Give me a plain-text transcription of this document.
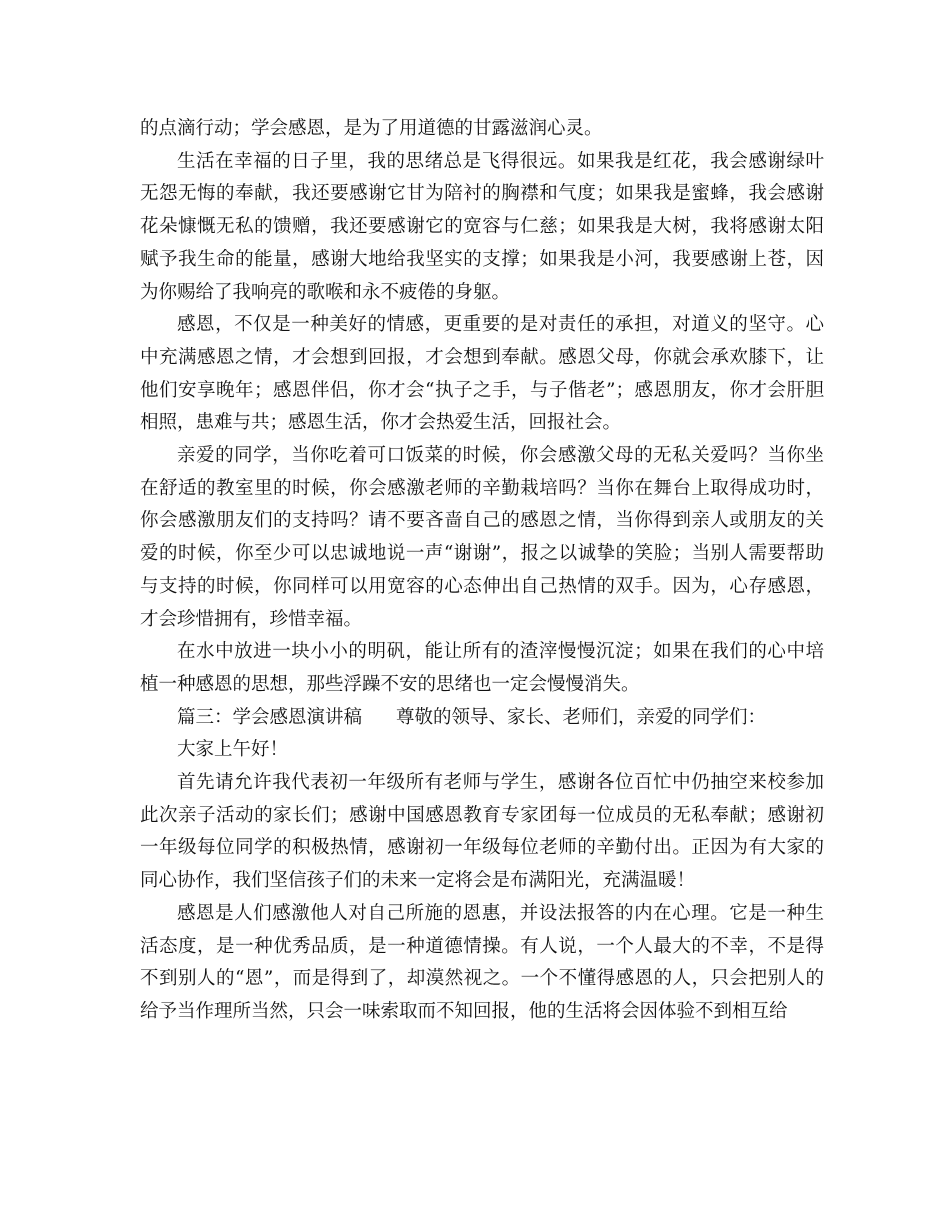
的点滴行动；学会感恩，是为了用道德的甘露滋润心灵。

生活在幸福的日子里，我的思绪总是飞得很远。如果我是红花，我会感谢绿叶无怨无悔的奉献，我还要感谢它甘为陪衬的胸襟和气度；如果我是蜜蜂，我会感谢花朵慷慨无私的馈赠，我还要感谢它的宽容与仁慈；如果我是大树，我将感谢太阳赋予我生命的能量，感谢大地给我坚实的支撑；如果我是小河，我要感谢上苍，因为你赐给了我响亮的歌喉和永不疲倦的身躯。

感恩，不仅是一种美好的情感，更重要的是对责任的承担，对道义的坚守。心中充满感恩之情，才会想到回报，才会想到奉献。感恩父母，你就会承欢膝下，让他们安享晚年；感恩伴侣，你才会“执子之手，与子偕老”；感恩朋友，你才会肝胆相照，患难与共；感恩生活，你才会热爱生活，回报社会。

亲爱的同学，当你吃着可口饭菜的时候，你会感激父母的无私关爱吗？当你坐在舒适的教室里的时候，你会感激老师的辛勤栽培吗？当你在舞台上取得成功时，你会感激朋友们的支持吗？请不要吝啬自己的感恩之情，当你得到亲人或朋友的关爱的时候，你至少可以忠诚地说一声“谢谢”，报之以诚挚的笑脸；当别人需要帮助与支持的时候，你同样可以用宽容的心态伸出自己热情的双手。因为，心存感恩，才会珍惜拥有，珍惜幸福。

在水中放进一块小小的明矾，能让所有的渣滓慢慢沉淀；如果在我们的心中培植一种感恩的思想，那些浮躁不安的思绪也一定会慢慢消失。

篇三：学会感恩演讲稿 尊敬的领导、家长、老师们，亲爱的同学们：

大家上午好！

首先请允许我代表初一年级所有老师与学生，感谢各位百忙中仍抽空来校参加此次亲子活动的家长们；感谢中国感恩教育专家团每一位成员的无私奉献；感谢初一年级每位同学的积极热情，感谢初一年级每位老师的辛勤付出。正因为有大家的同心协作，我们坚信孩子们的未来一定将会是布满阳光，充满温暖！

感恩是人们感激他人对自己所施的恩惠，并设法报答的内在心理。它是一种生活态度，是一种优秀品质，是一种道德情操。有人说，一个人最大的不幸，不是得不到别人的“恩”，而是得到了，却漠然视之。一个不懂得感恩的人，只会把别人的给予当作理所当然，只会一味索取而不知回报，他的生活将会因体验不到相互给
